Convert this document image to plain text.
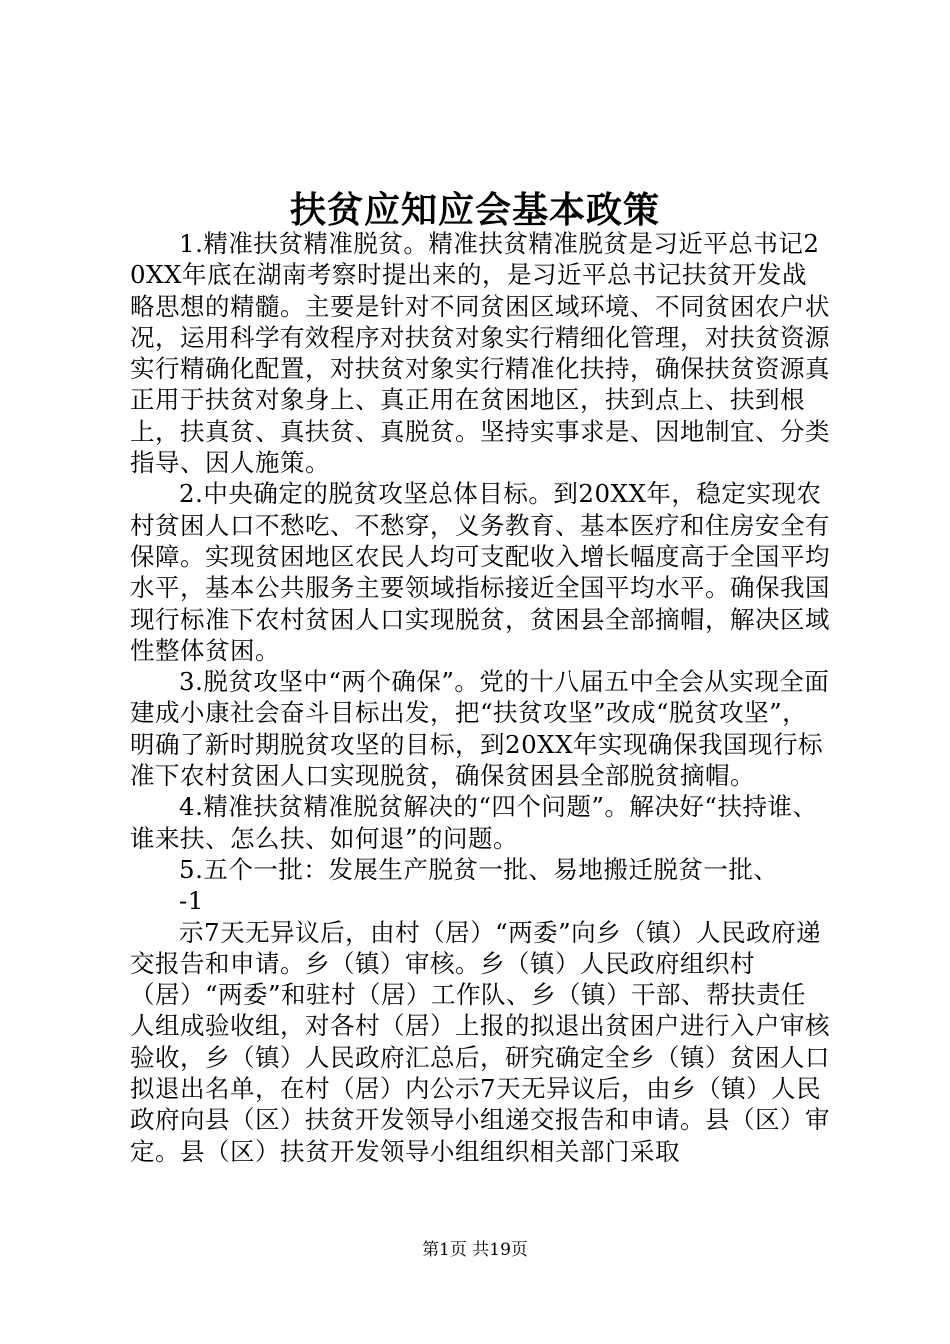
扶贫应知应会基本政策

1.精准扶贫精准脱贫。精准扶贫精准脱贫是习近平总书记20XX年底在湖南考察时提出来的，是习近平总书记扶贫开发战略思想的精髓。主要是针对不同贫困区域环境、不同贫困农户状况，运用科学有效程序对扶贫对象实行精细化管理，对扶贫资源实行精确化配置，对扶贫对象实行精准化扶持，确保扶贫资源真正用于扶贫对象身上、真正用在贫困地区，扶到点上、扶到根上，扶真贫、真扶贫、真脱贫。坚持实事求是、因地制宜、分类指导、因人施策。

2.中央确定的脱贫攻坚总体目标。到20XX年，稳定实现农村贫困人口不愁吃、不愁穿，义务教育、基本医疗和住房安全有保障。实现贫困地区农民人均可支配收入增长幅度高于全国平均水平，基本公共服务主要领域指标接近全国平均水平。确保我国现行标准下农村贫困人口实现脱贫，贫困县全部摘帽，解决区域性整体贫困。

3.脱贫攻坚中“两个确保”。党的十八届五中全会从实现全面建成小康社会奋斗目标出发，把“扶贫攻坚”改成“脱贫攻坚”，明确了新时期脱贫攻坚的目标，到20XX年实现确保我国现行标准下农村贫困人口实现脱贫，确保贫困县全部脱贫摘帽。

4.精准扶贫精准脱贫解决的“四个问题”。解决好“扶持谁、谁来扶、怎么扶、如何退”的问题。

5.五个一批：发展生产脱贫一批、易地搬迁脱贫一批、

-1

示7天无异议后，由村（居）“两委”向乡（镇）人民政府递交报告和申请。乡（镇）审核。乡（镇）人民政府组织村（居）“两委”和驻村（居）工作队、乡（镇）干部、帮扶责任人组成验收组，对各村（居）上报的拟退出贫困户进行入户审核验收，乡（镇）人民政府汇总后，研究确定全乡（镇）贫困人口拟退出名单，在村（居）内公示7天无异议后，由乡（镇）人民政府向县（区）扶贫开发领导小组递交报告和申请。县（区）审定。县（区）扶贫开发领导小组组织相关部门采取

第1页 共19页
